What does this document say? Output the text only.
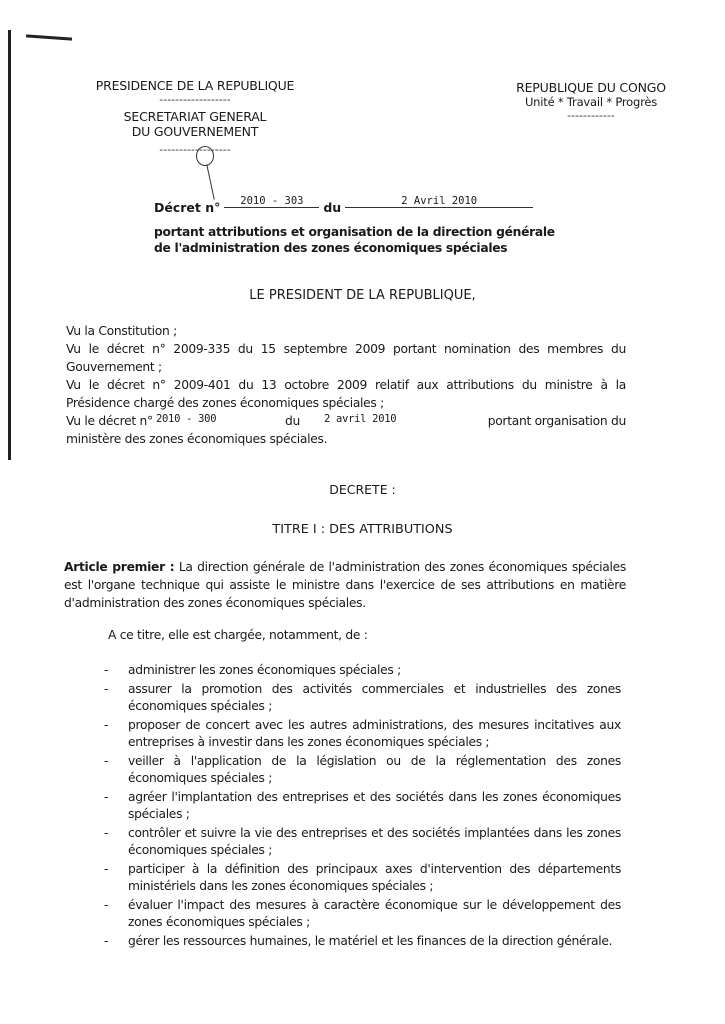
PRESIDENCE DE LA REPUBLIQUE
------------------
SECRETARIAT GENERAL
DU GOUVERNEMENT
------------------
REPUBLIQUE DU CONGO
Unité * Travail * Progrès
------------
Décret n° 2010 - 303 du	2 Avril 2010
portant attributions et organisation de la direction générale
de l'administration des zones économiques spéciales
LE PRESIDENT DE LA REPUBLIQUE,
Vu la Constitution ;
Vu le décret n° 2009-335 du 15 septembre 2009 portant nomination des membres du Gouvernement ;
Vu le décret n° 2009-401 du 13 octobre 2009 relatif aux attributions du ministre à la Présidence chargé des zones économiques spéciales ;
Vu le décret n° 2010 - 300	du 2 avril 2010	portant organisation du
ministère des zones économiques spéciales.
DECRETE :
TITRE I : DES ATTRIBUTIONS
Article premier : La direction générale de l'administration des zones économiques spéciales est l'organe technique qui assiste le ministre dans l'exercice de ses attributions en matière d'administration des zones économiques spéciales.
A ce titre, elle est chargée, notamment, de :
- administrer les zones économiques spéciales ;
- assurer la promotion des activités commerciales et industrielles des zones économiques spéciales ;
- proposer de concert avec les autres administrations, des mesures incitatives aux entreprises à investir dans les zones économiques spéciales ;
- veiller à l'application de la législation ou de la réglementation des zones économiques spéciales ;
- agréer l'implantation des entreprises et des sociétés dans les zones économiques spéciales ;
- contrôler et suivre la vie des entreprises et des sociétés implantées dans les zones économiques spéciales ;
- participer à la définition des principaux axes d'intervention des départements ministériels dans les zones économiques spéciales ;
- évaluer l'impact des mesures à caractère économique sur le développement des zones économiques spéciales ;
- gérer les ressources humaines, le matériel et les finances de la direction générale.
